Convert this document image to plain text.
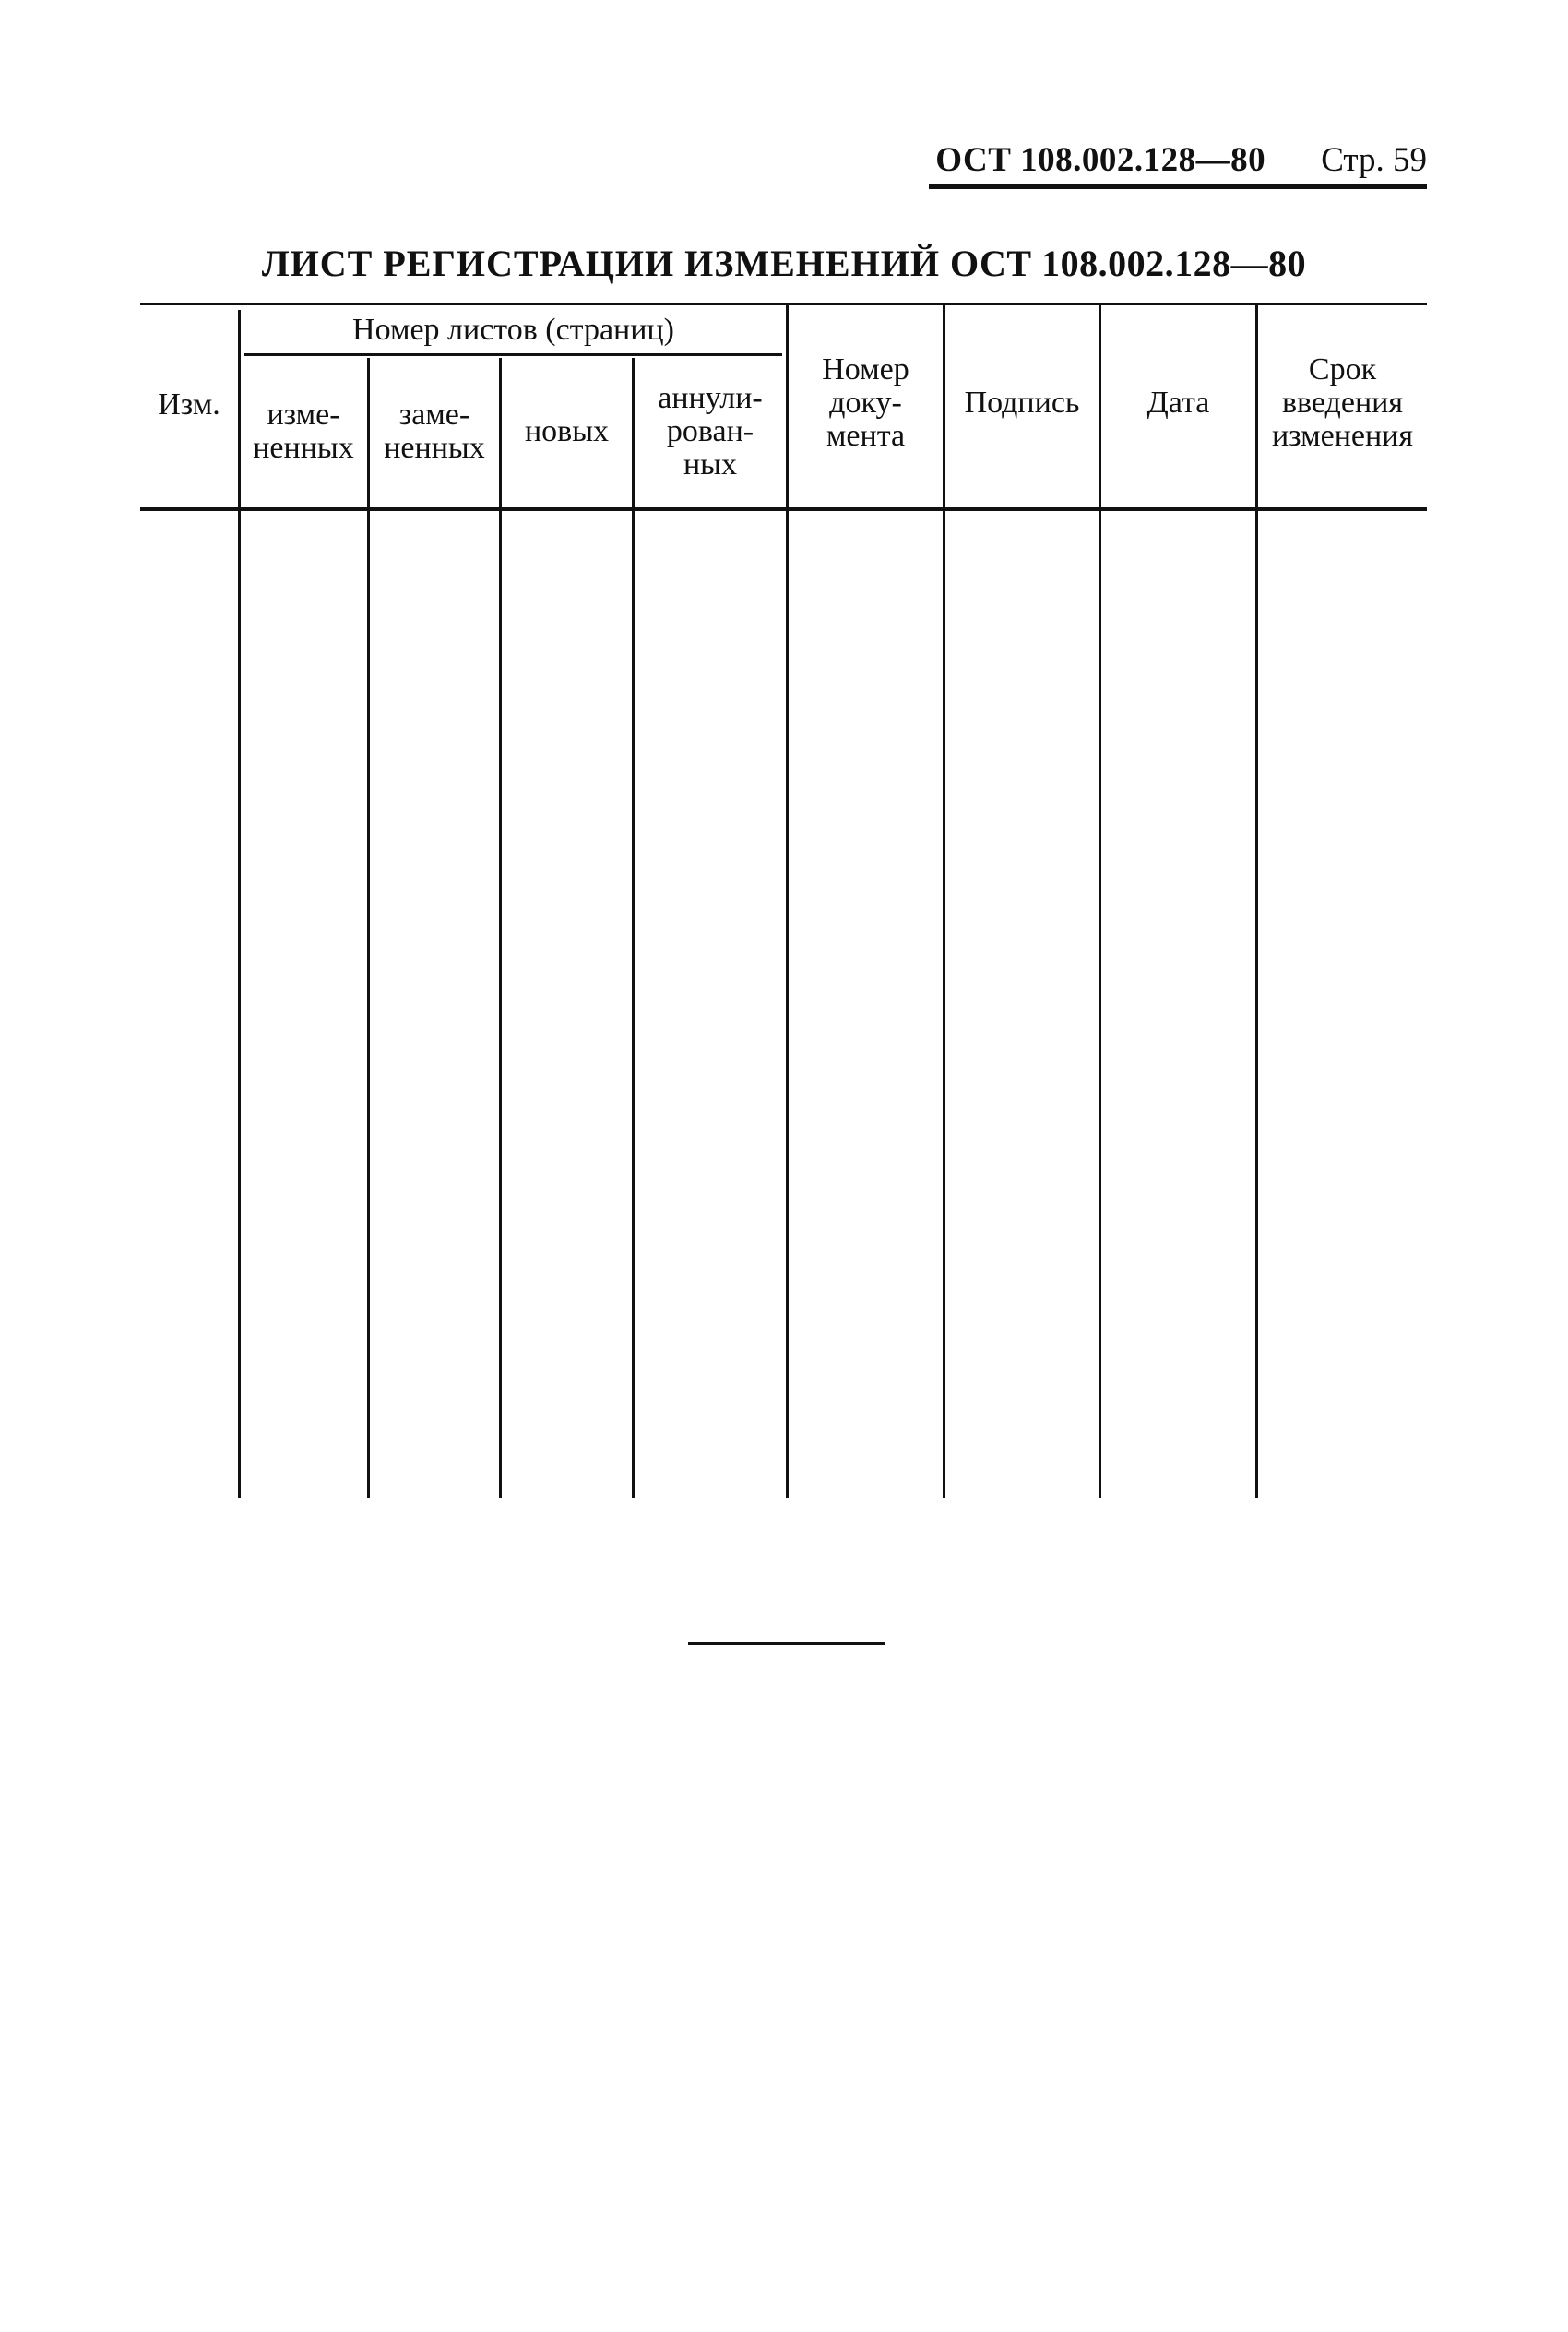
ОСТ 108.002.128—80 Стр. 59
ЛИСТ РЕГИСТРАЦИИ ИЗМЕНЕНИЙ ОСТ 108.002.128—80
Изм.
Номер листов (страниц)
изме-
ненных
заме-
ненных	новых
аннули-
рован-
ных
Номер
доку-
мента
Подпись	Дата
Срок
введения
изменения
